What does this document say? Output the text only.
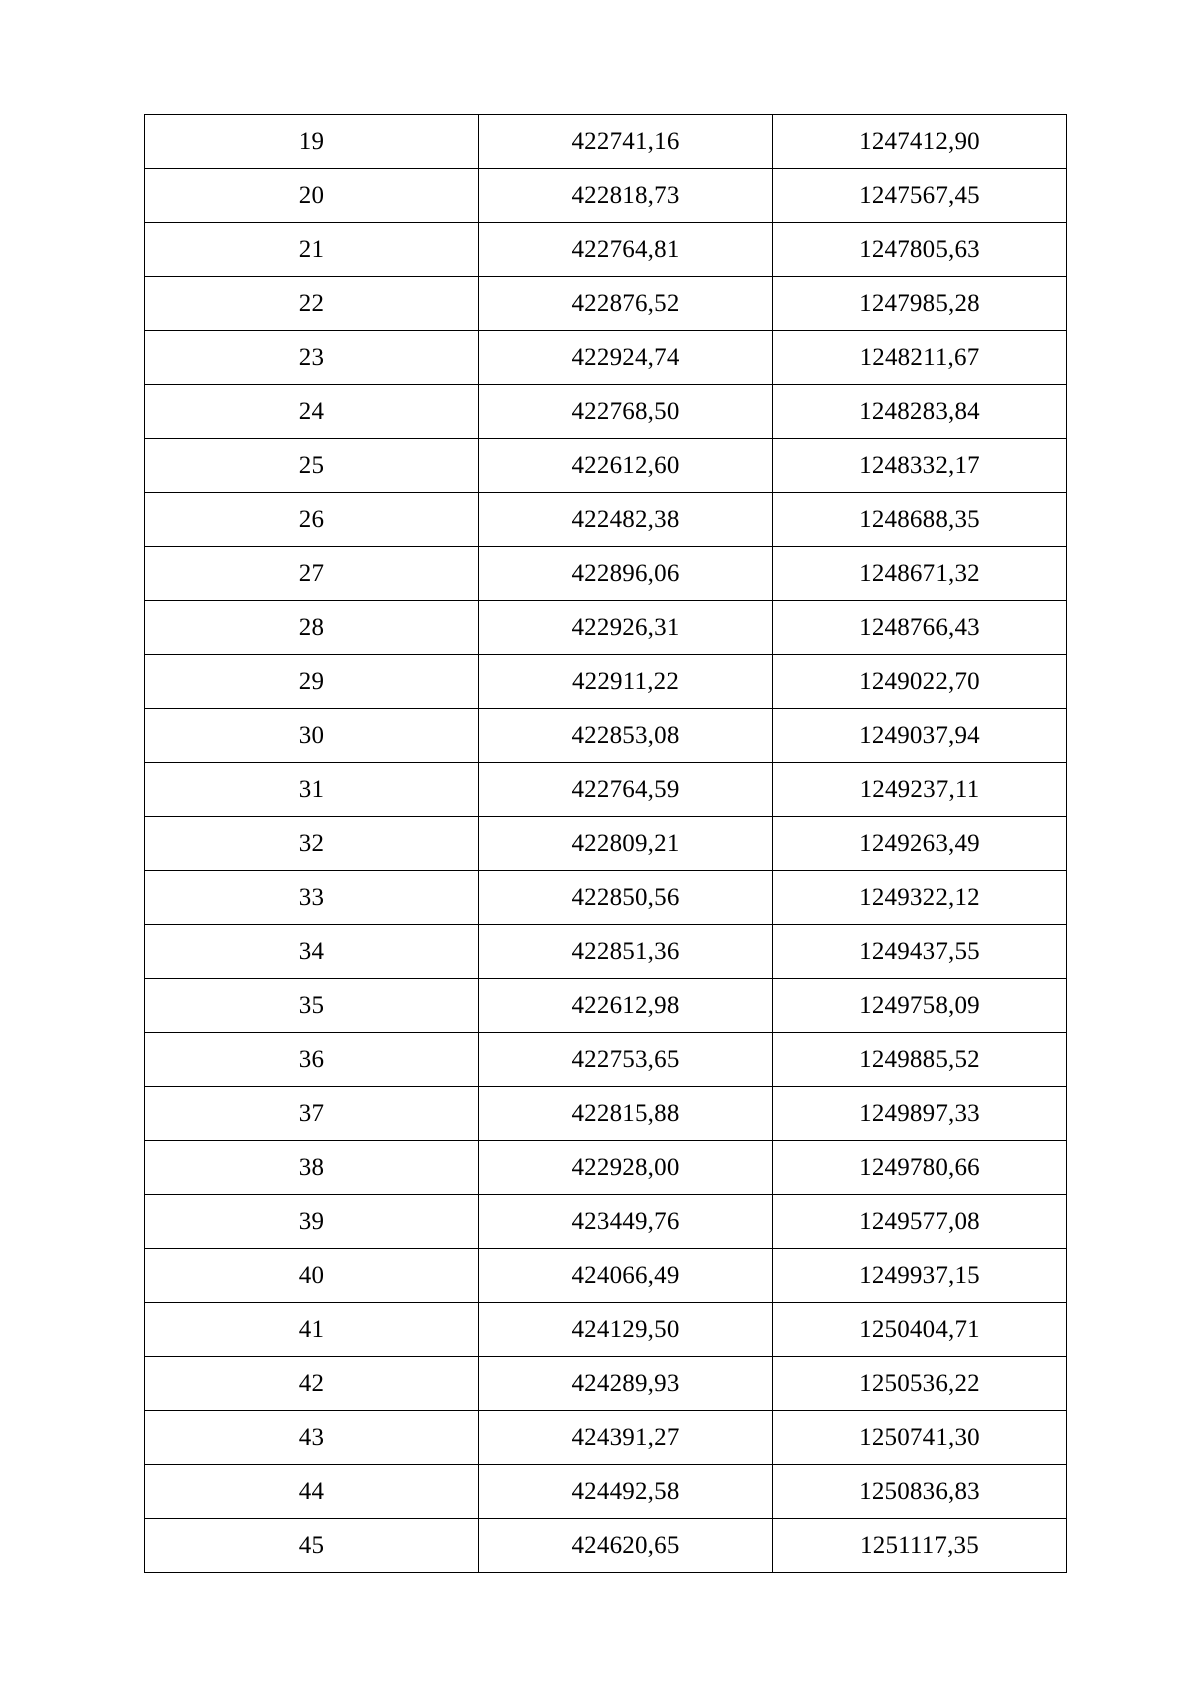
19	422741,16	1247412,90
20	422818,73	1247567,45
21	422764,81	1247805,63
22	422876,52	1247985,28
23	422924,74	1248211,67
24	422768,50	1248283,84
25	422612,60	1248332,17
26	422482,38	1248688,35
27	422896,06	1248671,32
28	422926,31	1248766,43
29	422911,22	1249022,70
30	422853,08	1249037,94
31	422764,59	1249237,11
32	422809,21	1249263,49
33	422850,56	1249322,12
34	422851,36	1249437,55
35	422612,98	1249758,09
36	422753,65	1249885,52
37	422815,88	1249897,33
38	422928,00	1249780,66
39	423449,76	1249577,08
40	424066,49	1249937,15
41	424129,50	1250404,71
42	424289,93	1250536,22
43	424391,27	1250741,30
44	424492,58	1250836,83
45	424620,65	1251117,35
